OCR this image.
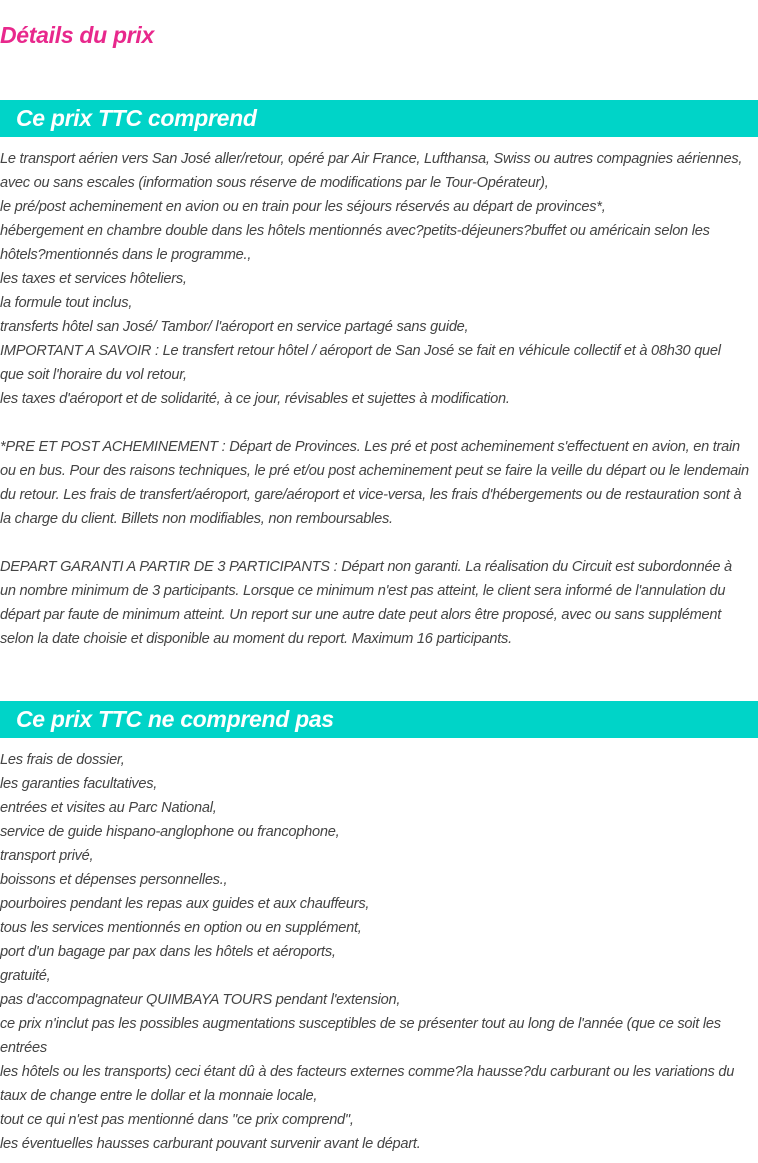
Détails du prix
Ce prix TTC comprend
Le transport aérien vers San José aller/retour, opéré par Air France, Lufthansa, Swiss ou autres compagnies aériennes,
avec ou sans escales (information sous réserve de modifications par le Tour-Opérateur),
le pré/post acheminement en avion ou en train pour les séjours réservés au départ de provinces*,
hébergement en chambre double dans les hôtels mentionnés avec?petits-déjeuners?buffet ou américain selon les
hôtels?mentionnés dans le programme.,
les taxes et services hôteliers,
la formule tout inclus,
transferts hôtel san José/ Tambor/ l'aéroport en service partagé sans guide,
IMPORTANT A SAVOIR : Le transfert retour hôtel / aéroport de San José se fait en véhicule collectif et à 08h30 quel
que soit l'horaire du vol retour,
les taxes d'aéroport et de solidarité, à ce jour, révisables et sujettes à modification.
*PRE ET POST ACHEMINEMENT : Départ de Provinces. Les pré et post acheminement s'effectuent en avion, en train
ou en bus. Pour des raisons techniques, le pré et/ou post acheminement peut se faire la veille du départ ou le lendemain
du retour. Les frais de transfert/aéroport, gare/aéroport et vice-versa, les frais d'hébergements ou de restauration sont à
la charge du client. Billets non modifiables, non remboursables.
DEPART GARANTI A PARTIR DE 3 PARTICIPANTS : Départ non garanti. La réalisation du Circuit est subordonnée à
un nombre minimum de 3 participants. Lorsque ce minimum n'est pas atteint, le client sera informé de l'annulation du
départ par faute de minimum atteint. Un report sur une autre date peut alors être proposé, avec ou sans supplément
selon la date choisie et disponible au moment du report. Maximum 16 participants.
Ce prix TTC ne comprend pas
Les frais de dossier,
les garanties facultatives,
entrées et visites au Parc National,
service de guide hispano-anglophone ou francophone,
transport privé,
boissons et dépenses personnelles.,
pourboires pendant les repas aux guides et aux chauffeurs,
tous les services mentionnés en option ou en supplément,
port d'un bagage par pax dans les hôtels et aéroports,
gratuité,
pas d'accompagnateur QUIMBAYA TOURS pendant l'extension,
ce prix n'inclut pas les possibles augmentations susceptibles de se présenter tout au long de l'année (que ce soit les entrées
les hôtels ou les transports) ceci étant dû à des facteurs externes comme?la hausse?du carburant ou les variations du
taux de change entre le dollar et la monnaie locale,
tout ce qui n'est pas mentionné dans "ce prix comprend",
les éventuelles hausses carburant pouvant survenir avant le départ.
